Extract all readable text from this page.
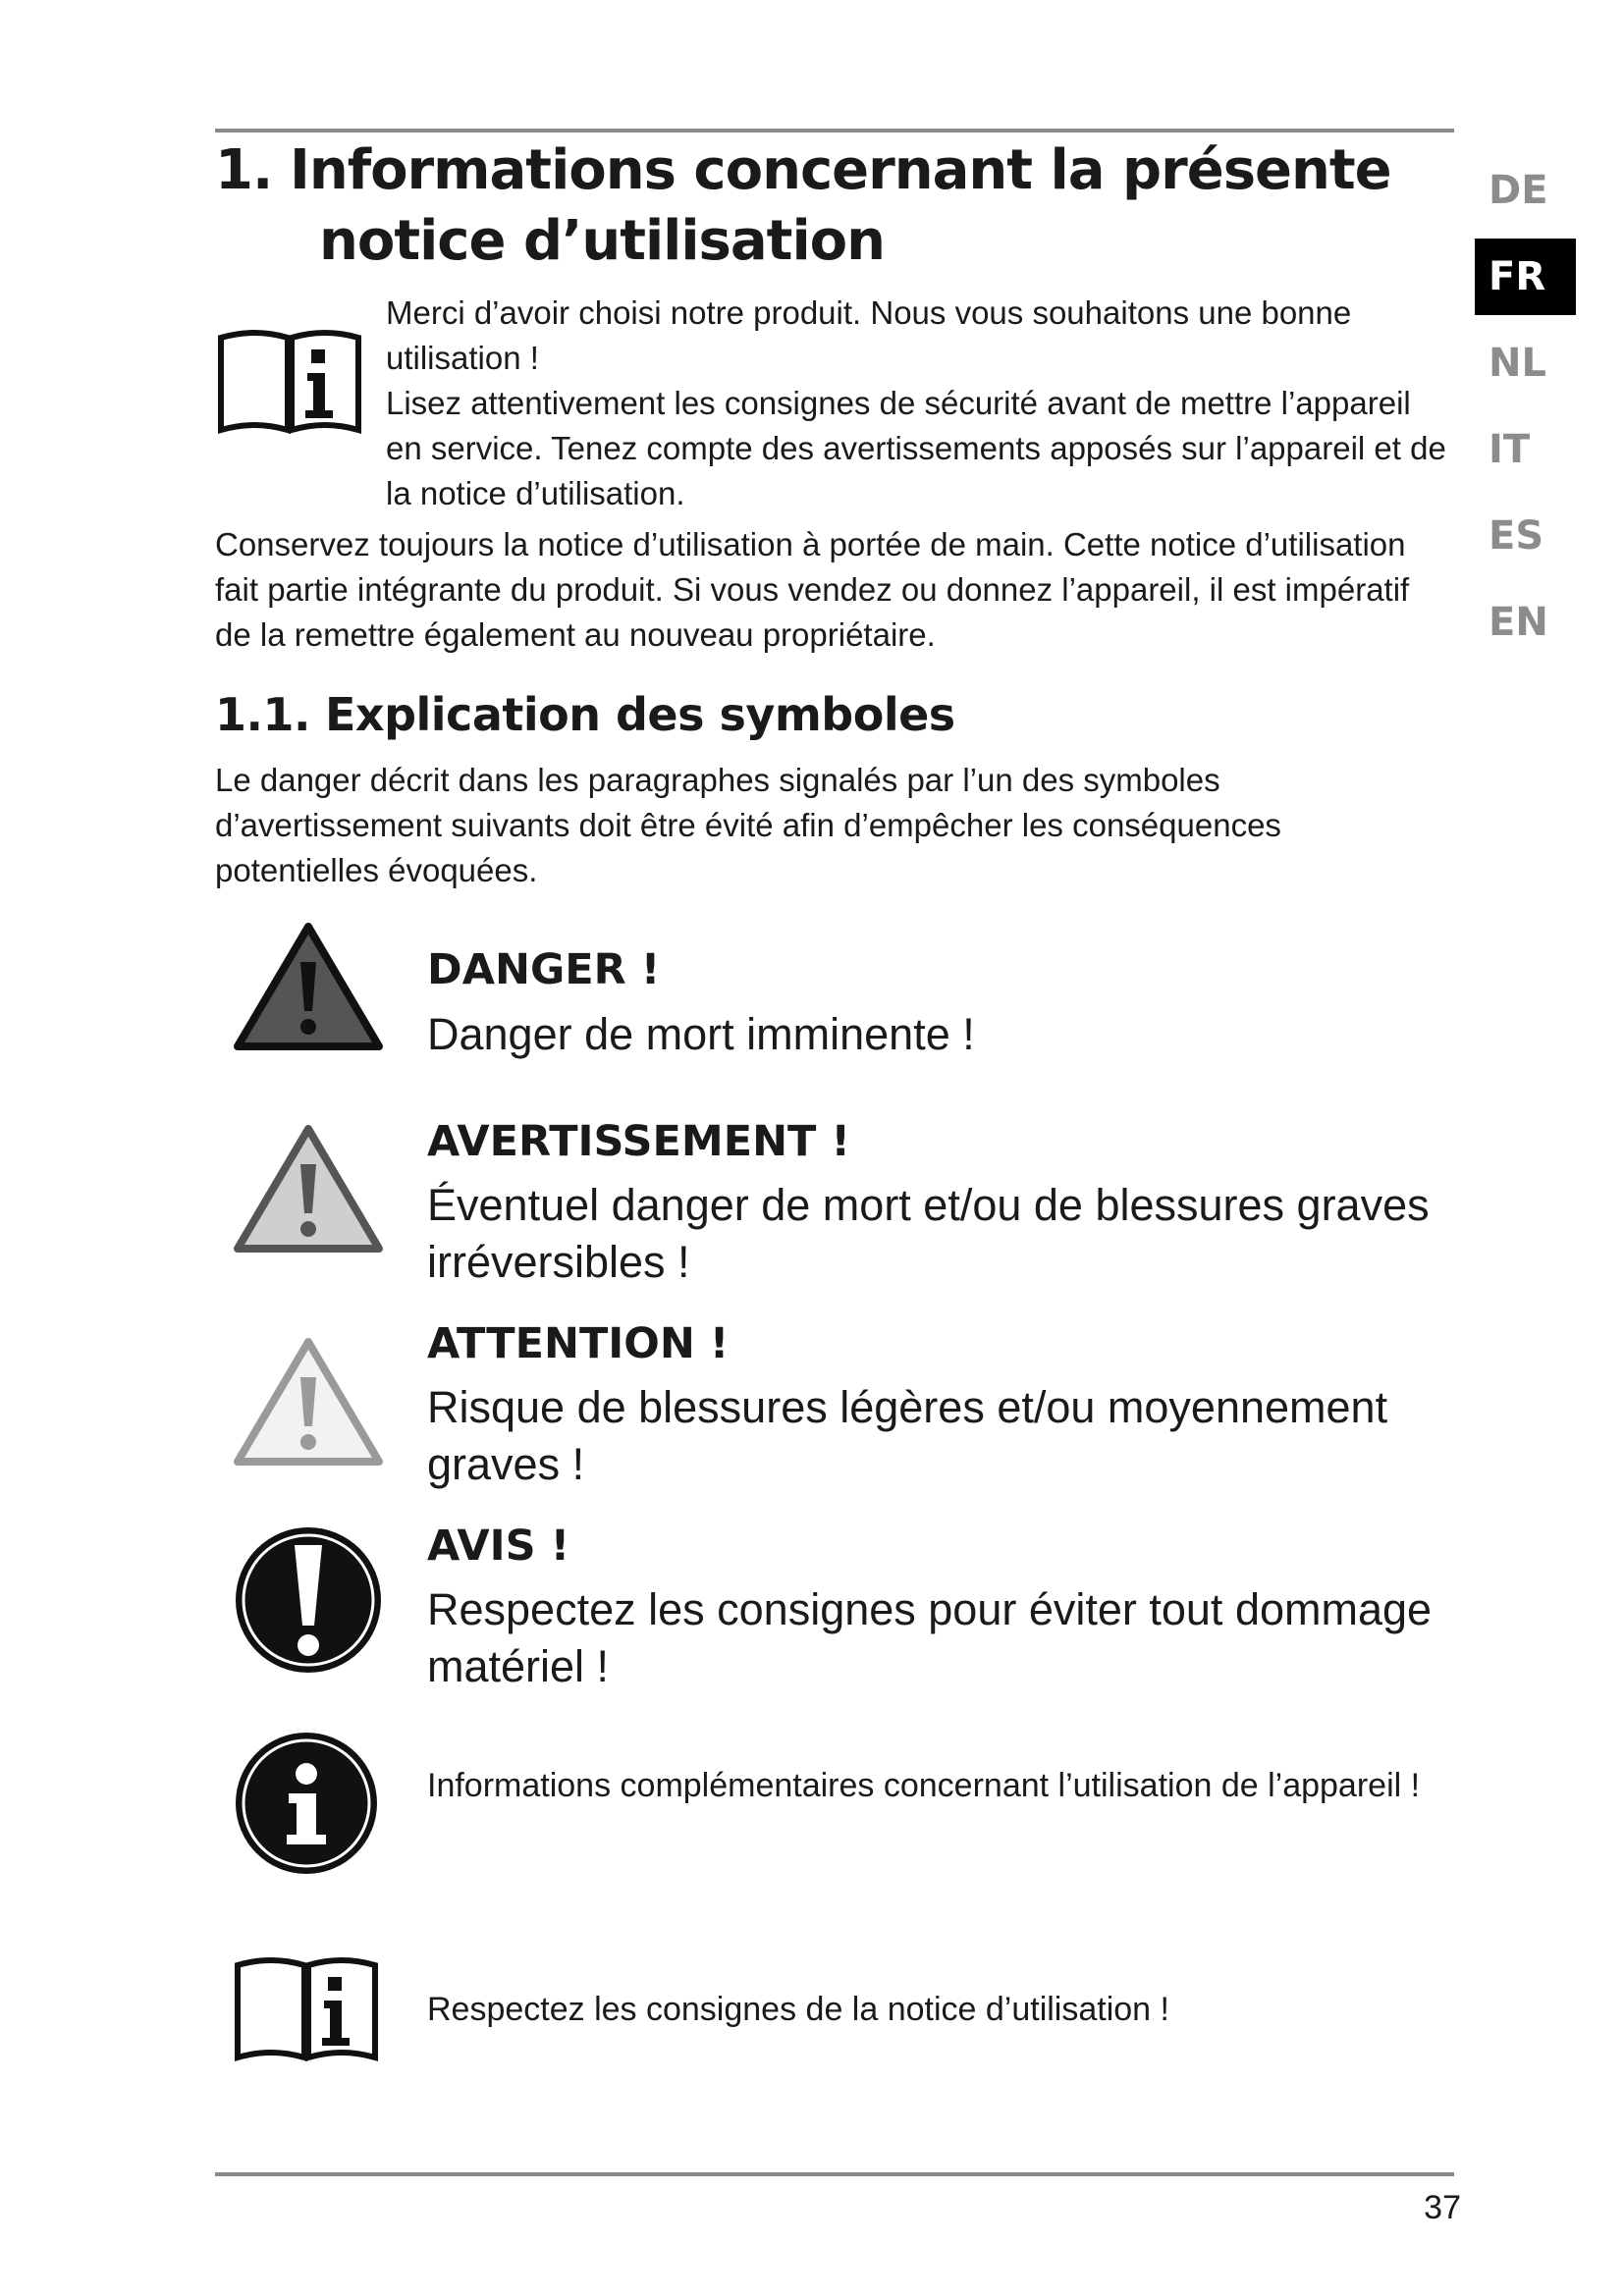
1. Informations concernant la présente
notice d’utilisation

Merci d’avoir choisi notre produit. Nous vous souhaitons une bonne utilisation !

Lisez attentivement les consignes de sécurité avant de mettre l’appareil en service. Tenez compte des avertissements apposés sur l’appareil et de la notice d’utilisation.

Conservez toujours la notice d’utilisation à portée de main. Cette notice d’utilisation fait partie intégrante du produit. Si vous vendez ou donnez l’appareil, il est impératif de la remettre également au nouveau propriétaire.

1.1. Explication des symboles

Le danger décrit dans les paragraphes signalés par l’un des symboles d’avertissement suivants doit être évité afin d’empêcher les conséquences potentielles évoquées.

DANGER !

Danger de mort imminente !

AVERTISSEMENT !

Éventuel danger de mort et/ou de blessures graves irréversibles !

ATTENTION !

Risque de blessures légères et/ou moyennement graves !

AVIS !

Respectez les consignes pour éviter tout dommage matériel !

Informations complémentaires concernant l’utilisation de l’appareil !

Respectez les consignes de la notice d’utilisation !

DE
FR
NL
IT
ES
EN
37
